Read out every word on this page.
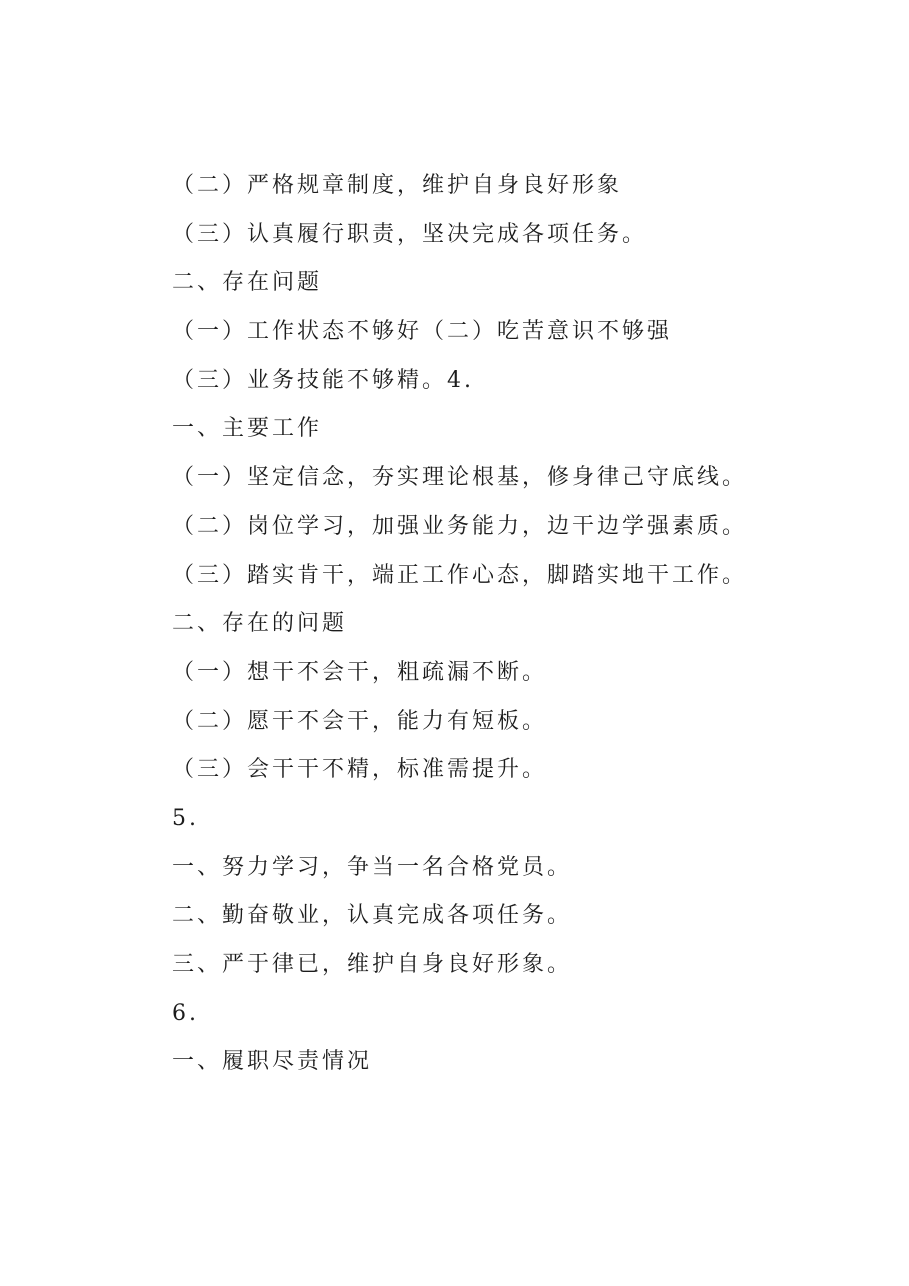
（二）严格规章制度，维护自身良好形象
（三）认真履行职责，坚决完成各项任务。
二、存在问题
（一）工作状态不够好（二）吃苦意识不够强
（三）业务技能不够精。4.
一、主要工作
（一）坚定信念，夯实理论根基，修身律己守底线。
（二）岗位学习，加强业务能力，边干边学强素质。
（三）踏实肯干，端正工作心态，脚踏实地干工作。
二、存在的问题
（一）想干不会干，粗疏漏不断。
（二）愿干不会干，能力有短板。
（三）会干干不精，标准需提升。
5.
一、努力学习，争当一名合格党员。
二、勤奋敬业，认真完成各项任务。
三、严于律已，维护自身良好形象。
6.
一、履职尽责情况
